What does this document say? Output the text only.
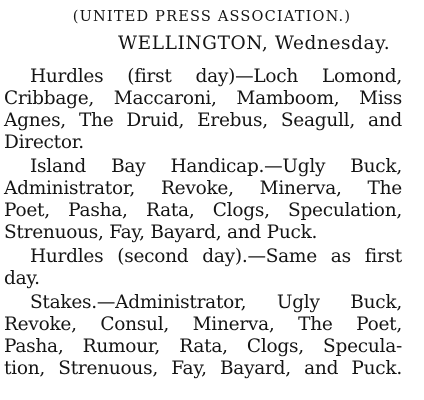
(UNITED PRESS ASSOCIATION.)
WELLINGTON, Wednesday.
Hurdles (first day)—Loch Lomond,
Cribbage, Maccaroni, Mamboom, Miss
Agnes, The Druid, Erebus, Seagull, and
Director.
Island Bay Handicap.—Ugly Buck,
Administrator, Revoke, Minerva, The
Poet, Pasha, Rata, Clogs, Speculation,
Strenuous, Fay, Bayard, and Puck.
Hurdles (second day).—Same as first
day.
Stakes.—Administrator, Ugly Buck,
Revoke, Consul, Minerva, The Poet,
Pasha, Rumour, Rata, Clogs, Specula-
tion, Strenuous, Fay, Bayard, and Puck.
